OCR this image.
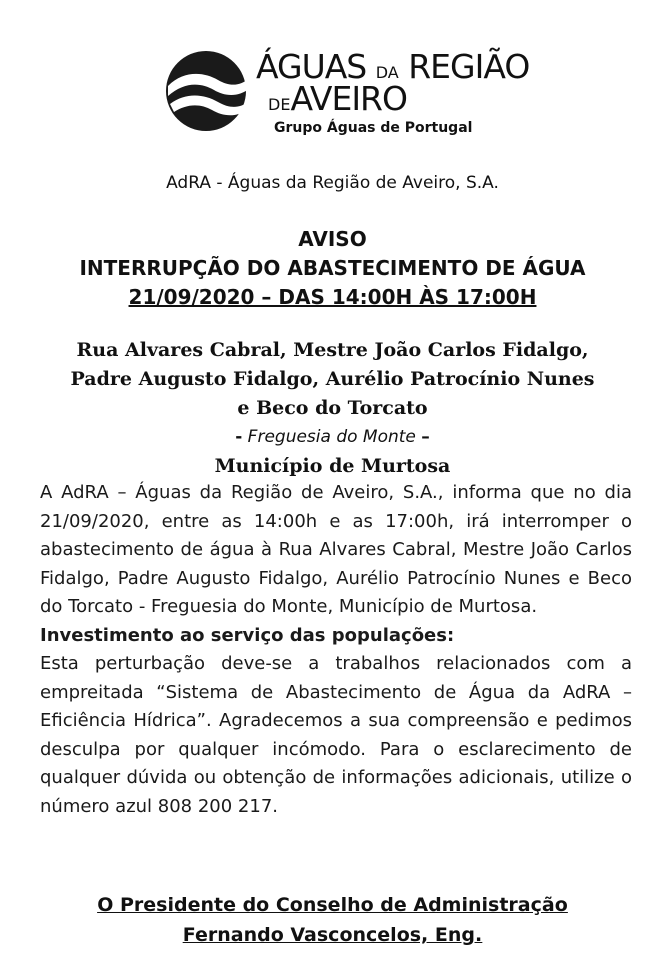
ÁGUAS DA REGIÃO
DEAVEIRO
Grupo Águas de Portugal
AdRA - Águas da Região de Aveiro, S.A.
AVISO
INTERRUPÇÃO DO ABASTECIMENTO DE ÁGUA
21/09/2020 – DAS 14:00H ÀS 17:00H
Rua Alvares Cabral, Mestre João Carlos Fidalgo,
Padre Augusto Fidalgo, Aurélio Patrocínio Nunes
e Beco do Torcato
- Freguesia do Monte –
Município de Murtosa

A AdRA – Águas da Região de Aveiro, S.A., informa que no dia 21/09/2020, entre as 14:00h e as 17:00h, irá interromper o abastecimento de água à Rua Alvares Cabral, Mestre João Carlos Fidalgo, Padre Augusto Fidalgo, Aurélio Patrocínio Nunes e Beco do Torcato - Freguesia do Monte, Município de Murtosa.

Investimento ao serviço das populações:

Esta perturbação deve-se a trabalhos relacionados com a empreitada “Sistema de Abastecimento de Água da AdRA – Eficiência Hídrica”. Agradecemos a sua compreensão e pedimos desculpa por qualquer incómodo. Para o esclarecimento de qualquer dúvida ou obtenção de informações adicionais, utilize o número azul 808 200 217.

O Presidente do Conselho de Administração
Fernando Vasconcelos, Eng.
